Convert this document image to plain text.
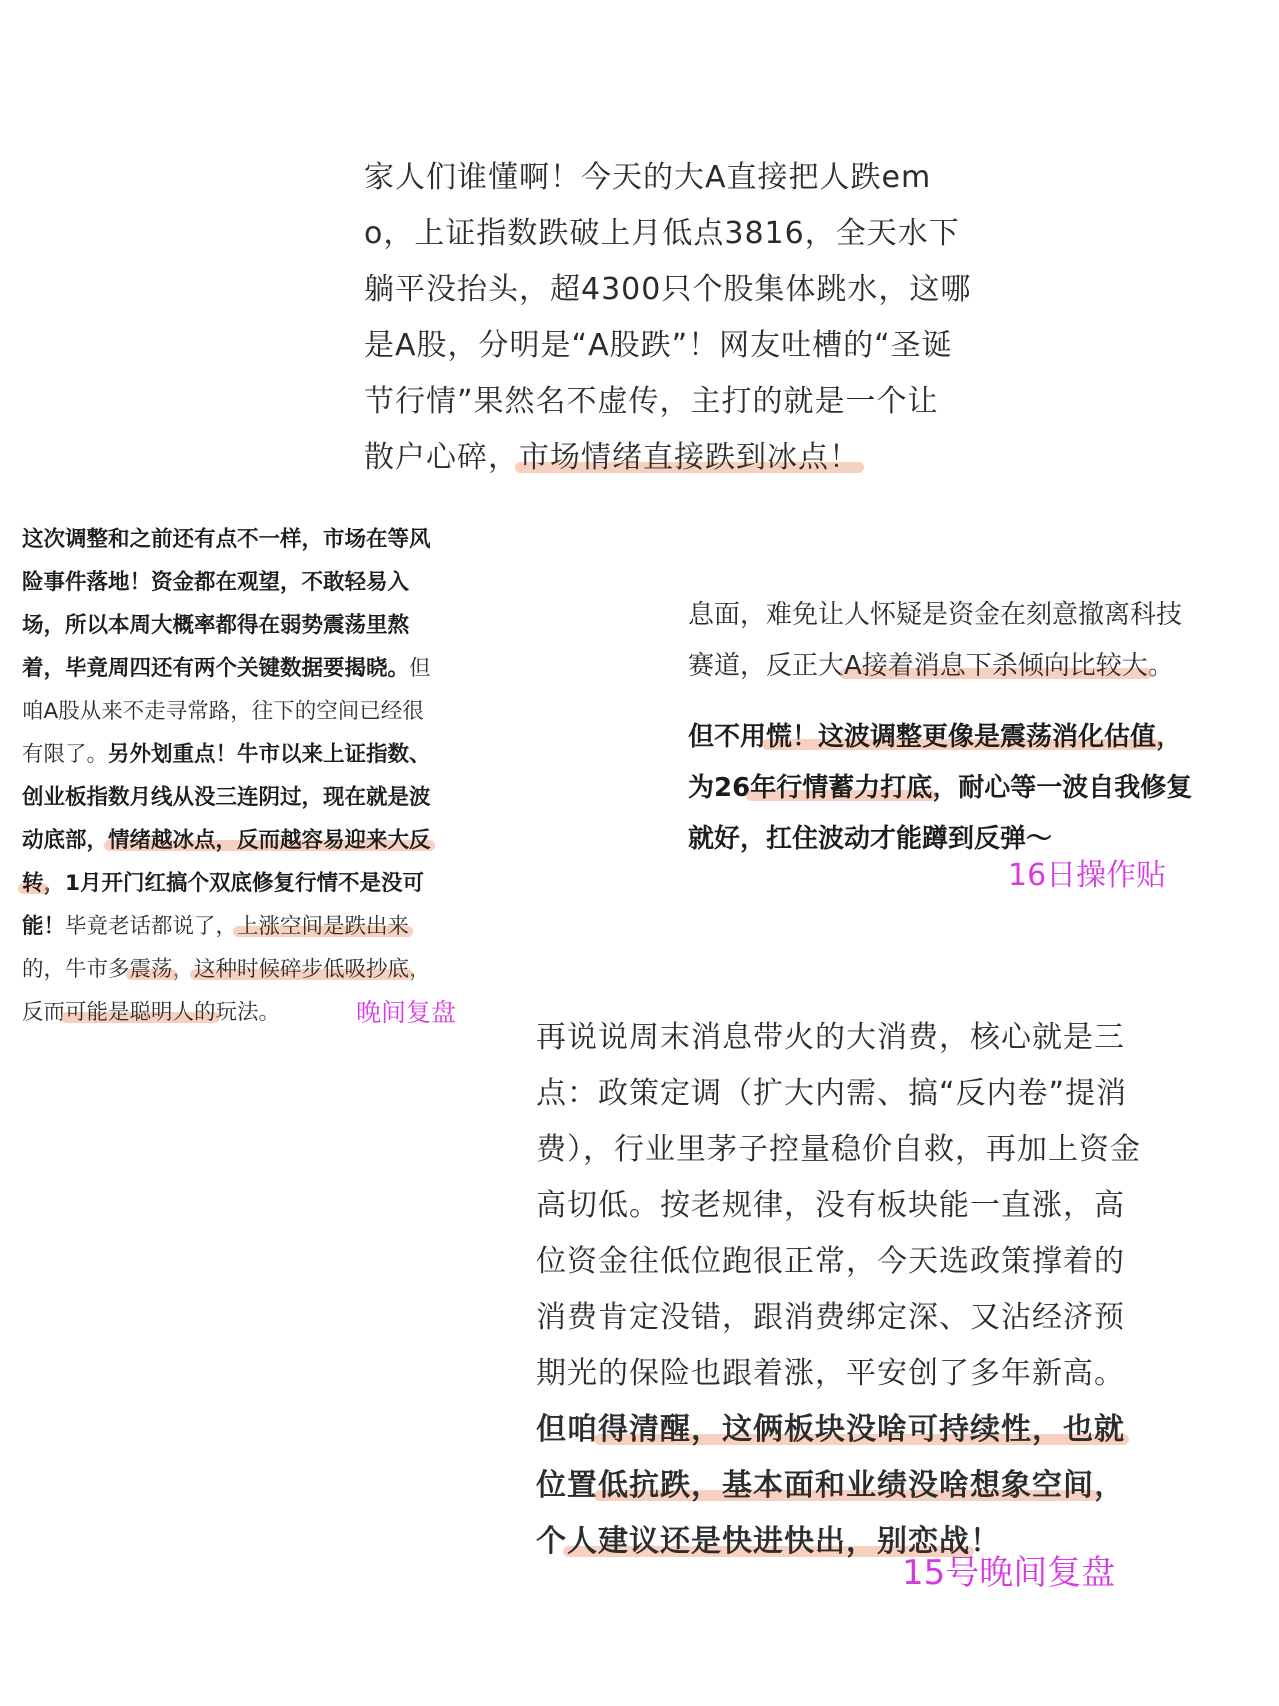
家人们谁懂啊！今天的大A直接把人跌em
o，上证指数跌破上月低点3816，全天水下
躺平没抬头，超4300只个股集体跳水，这哪
是A股，分明是“A股跌”！网友吐槽的“圣诞
节行情”果然名不虚传，主打的就是一个让
散户心碎，市场情绪直接跌到冰点！
这次调整和之前还有点不一样，市场在等风
险事件落地！资金都在观望，不敢轻易入
场，所以本周大概率都得在弱势震荡里熬
着，毕竟周四还有两个关键数据要揭晓。但
咱A股从来不走寻常路，往下的空间已经很
有限了。另外划重点！牛市以来上证指数、
创业板指数月线从没三连阴过，现在就是波
动底部，情绪越冰点，反而越容易迎来大反
转，1月开门红搞个双底修复行情不是没可
能！毕竟老话都说了，上涨空间是跌出来
的，牛市多震荡，这种时候碎步低吸抄底，
反而可能是聪明人的玩法。	晚间复盘
息面，难免让人怀疑是资金在刻意撤离科技
赛道，反正大A接着消息下杀倾向比较大。
但不用慌！这波调整更像是震荡消化估值，
为26年行情蓄力打底，耐心等一波自我修复
就好，扛住波动才能蹲到反弹～
16日操作贴
再说说周末消息带火的大消费，核心就是三
点：政策定调（扩大内需、搞“反内卷”提消
费），行业里茅子控量稳价自救，再加上资金
高切低。按老规律，没有板块能一直涨，高
位资金往低位跑很正常，今天选政策撑着的
消费肯定没错，跟消费绑定深、又沾经济预
期光的保险也跟着涨，平安创了多年新高。
但咱得清醒，这俩板块没啥可持续性，也就
位置低抗跌，基本面和业绩没啥想象空间，
个人建议还是快进快出，别恋战！
15号晚间复盘
